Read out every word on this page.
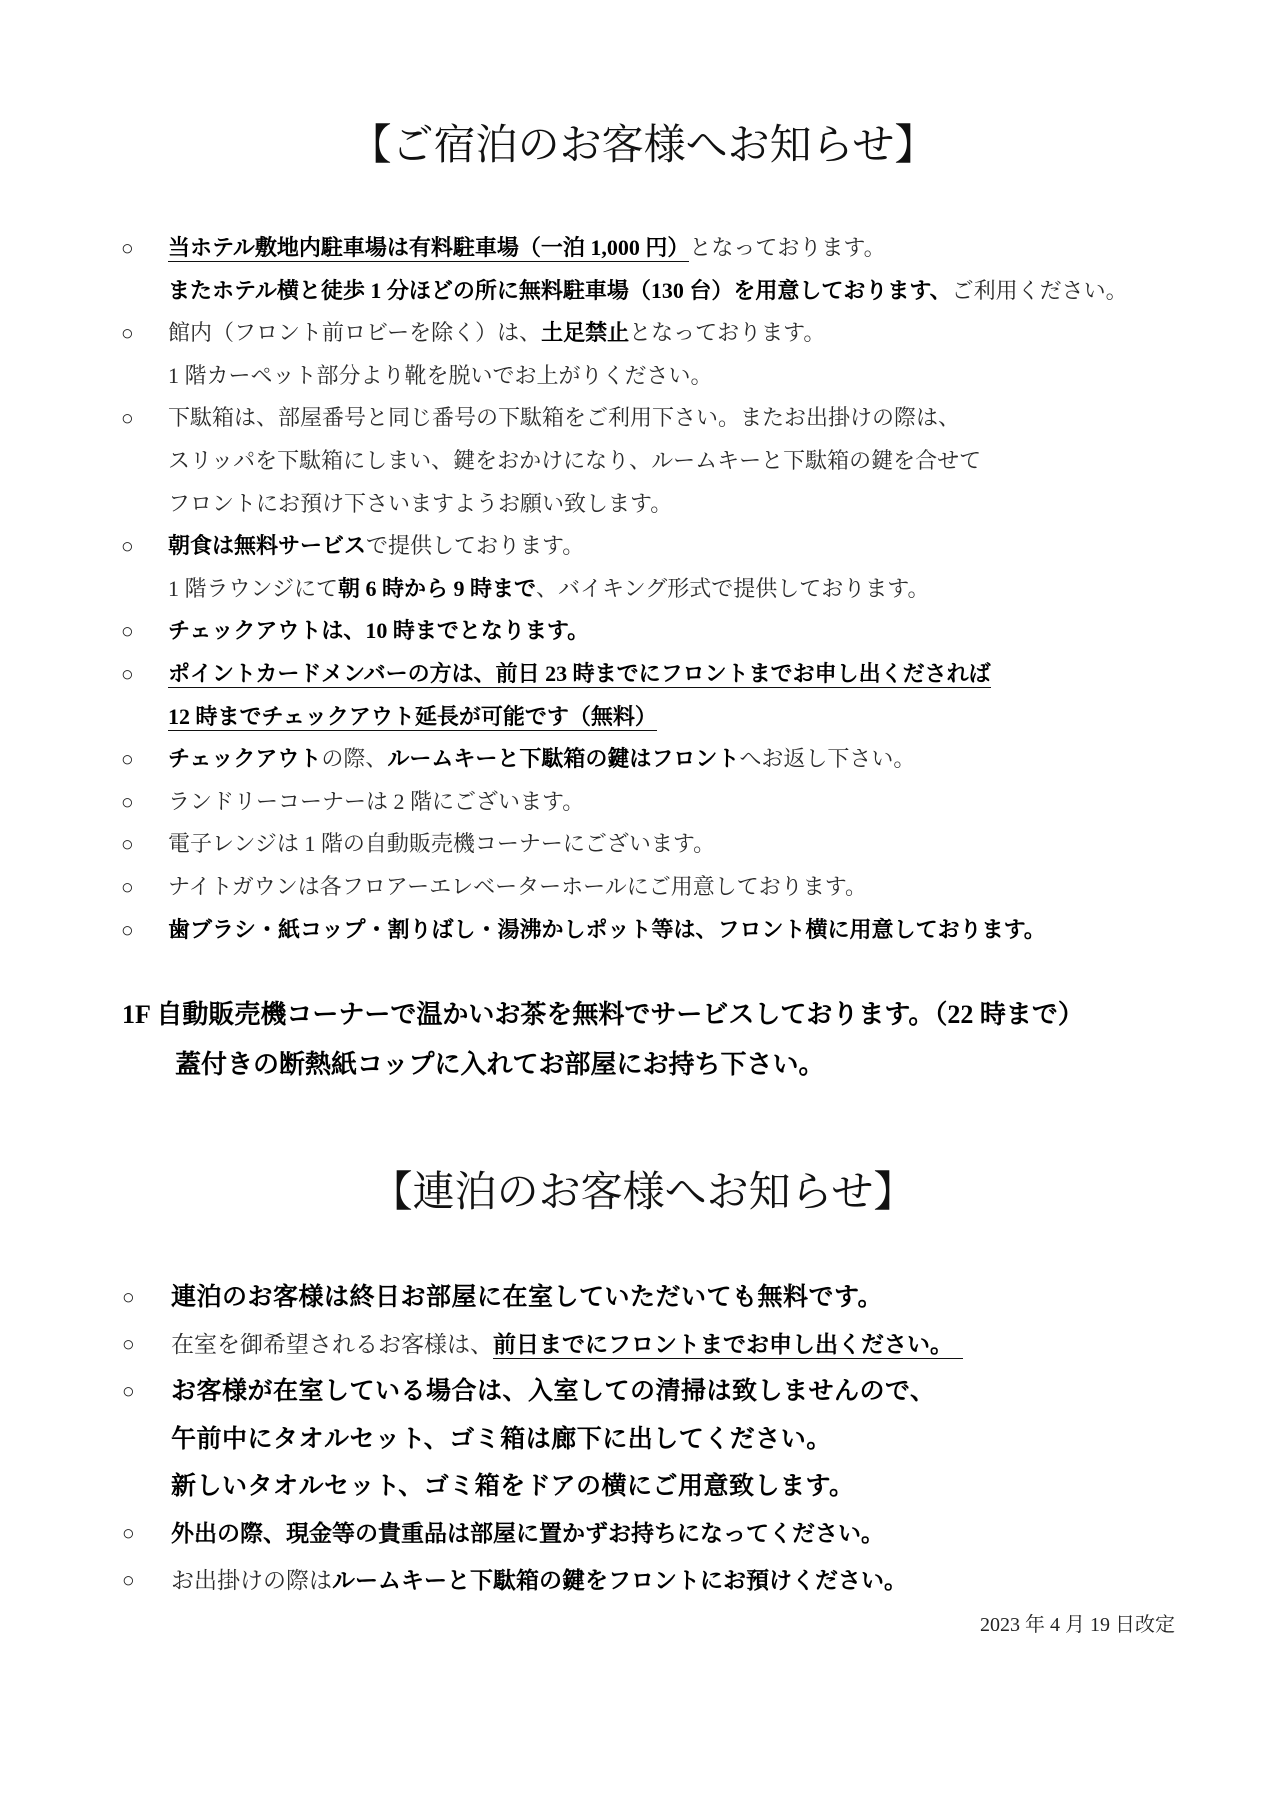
【ご宿泊のお客様へお知らせ】
○	当ホテル敷地内駐車場は有料駐車場（一泊 1,000 円）となっております。
またホテル横と徒歩 1 分ほどの所に無料駐車場（130 台）を用意しております、ご利用ください。
○	館内（フロント前ロビーを除く）は、土足禁止となっております。
1 階カーペット部分より靴を脱いでお上がりください。
○	下駄箱は、部屋番号と同じ番号の下駄箱をご利用下さい。またお出掛けの際は、
スリッパを下駄箱にしまい、鍵をおかけになり、ルームキーと下駄箱の鍵を合せて
フロントにお預け下さいますようお願い致します。
○	朝食は無料サービスで提供しております。
1 階ラウンジにて朝 6 時から 9 時まで、バイキング形式で提供しております。
○	チェックアウトは、10 時までとなります。
○	ポイントカードメンバーの方は、前日 23 時までにフロントまでお申し出くだされば
12 時までチェックアウト延長が可能です（無料）
○	チェックアウトの際、ルームキーと下駄箱の鍵はフロントへお返し下さい。
○	ランドリーコーナーは 2 階にございます。
○	電子レンジは 1 階の自動販売機コーナーにございます。
○	ナイトガウンは各フロアーエレベーターホールにご用意しております。
○	歯ブラシ・紙コップ・割りばし・湯沸かしポット等は、フロント横に用意しております。
1F 自動販売機コーナーで温かいお茶を無料でサービスしております。（22 時まで）
蓋付きの断熱紙コップに入れてお部屋にお持ち下さい。
【連泊のお客様へお知らせ】
○	連泊のお客様は終日お部屋に在室していただいても無料です。
○	在室を御希望されるお客様は、前日までにフロントまでお申し出ください。
○	お客様が在室している場合は、入室しての清掃は致しませんので、
午前中にタオルセット、ゴミ箱は廊下に出してください。
新しいタオルセット、ゴミ箱をドアの横にご用意致します。
○	外出の際、現金等の貴重品は部屋に置かずお持ちになってください。
○	お出掛けの際はルームキーと下駄箱の鍵をフロントにお預けください。
2023 年 4 月 19 日改定
